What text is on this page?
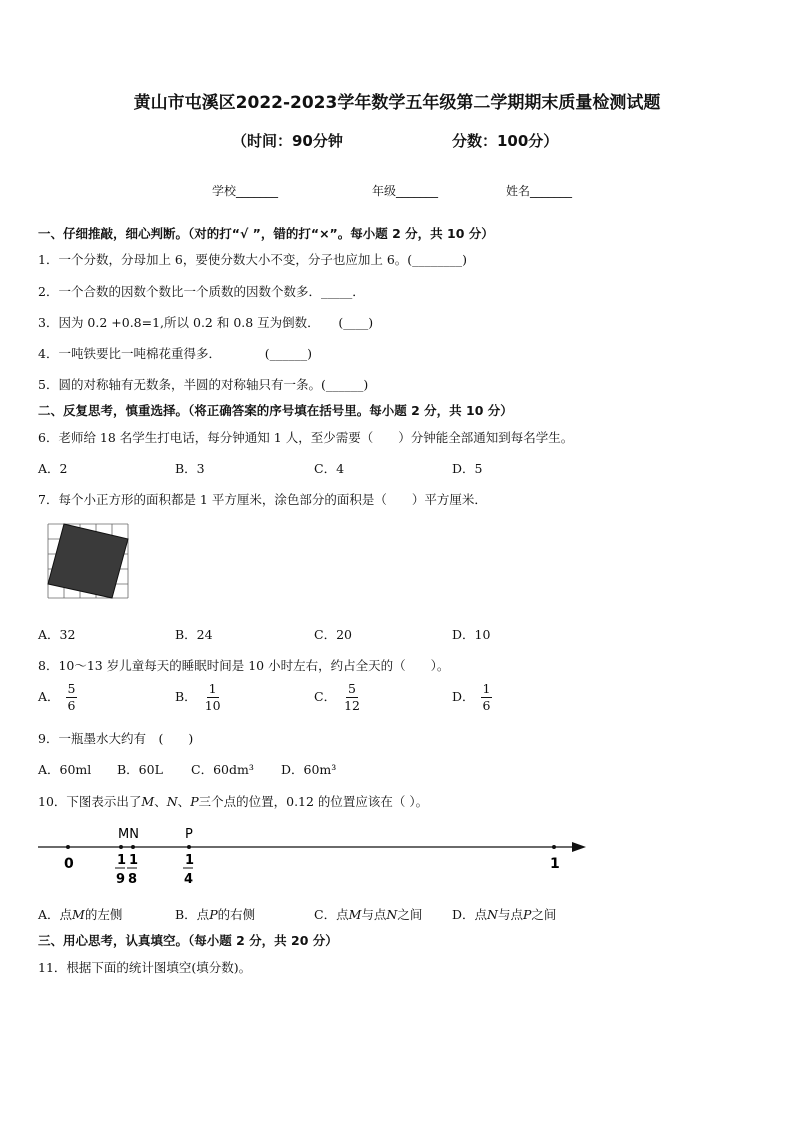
黄山市屯溪区2022-2023学年数学五年级第二学期期末质量检测试题
（时间：90分钟	分数：100分）
学校_______	年级_______	姓名_______
一、仔细推敲，细心判断。（对的打“√ ”，错的打“×”。每小题 2 分，共 10 分）
1．一个分数，分母加上 6，要使分数大小不变，分子也应加上 6。(________)
2．一个合数的因数个数比一个质数的因数个数多．_____．
3．因为 0.2 +0.8=1,所以 0.2 和 0.8 互为倒数．　　(____)
4．一吨铁要比一吨棉花重得多．　　　　(______)
5．圆的对称轴有无数条，半圆的对称轴只有一条。(______)
二、反复思考，慎重选择。（将正确答案的序号填在括号里。每小题 2 分，共 10 分）
6．老师给 18 名学生打电话，每分钟通知 1 人，至少需要（　　）分钟能全部通知到每名学生。
A．2	B．3	C．4	D．5
7．每个小正方形的面积都是 1 平方厘米，涂色部分的面积是（　　）平方厘米．
A．32	B．24	C．20	D．10
8．10～13 岁儿童每天的睡眠时间是 10 小时左右，约占全天的（　　）。
A． $\frac{5}{6}$	B． $\frac{1}{10}$	C． $\frac{5}{12}$	D． $\frac{1}{6}$
9．一瓶墨水大约有　(　　)
A．60ml B．60L C．60dm³ D．60m³
10．下图表示出了M、N、P三个点的位置，0.12 的位置应该在（ ）。
MN	P
0	1
1
9
1
8
1
4
A．点M的左侧	B．点P的右侧	C．点M与点N之间 D．点N与点P之间
三、用心思考，认真填空。（每小题 2 分，共 20 分）
11．根据下面的统计图填空(填分数)。
